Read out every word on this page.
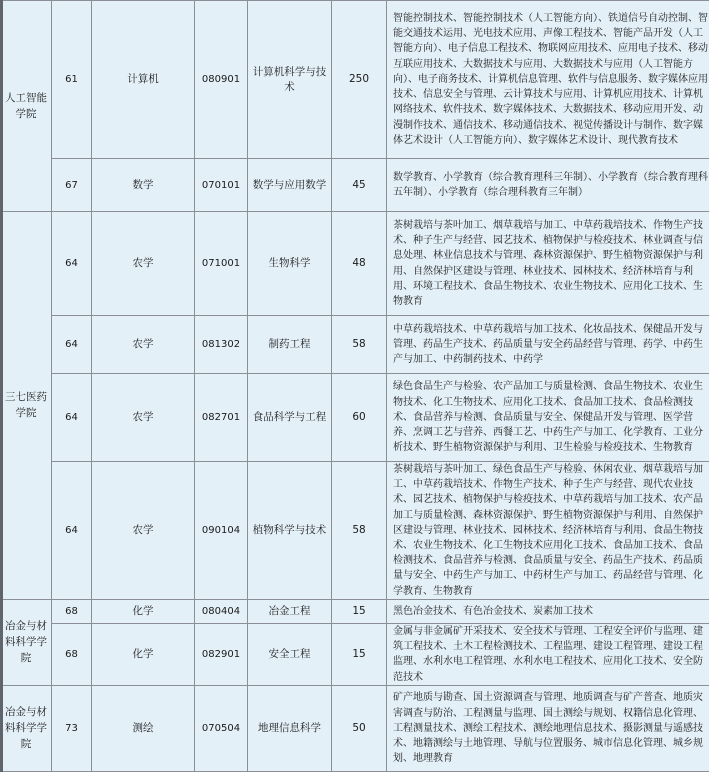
人工智能学院	61	计算机	080901	计算机科学与技术	250	智能控制技术、智能控制技术（人工智能方向）、铁道信号自动控制、智能交通技术运用、光电技术应用、声像工程技术、智能产品开发（人工智能方向）、电子信息工程技术、物联网应用技术、应用电子技术、移动互联应用技术、大数据技术与应用、大数据技术与应用（人工智能方向）、电子商务技术、计算机信息管理、软件与信息服务、数字媒体应用技术、信息安全与管理、云计算技术与应用、计算机应用技术、计算机网络技术、软件技术、数字媒体技术、大数据技术、移动应用开发、动漫制作技术、通信技术、移动通信技术、视觉传播设计与制作、数字媒体艺术设计（人工智能方向）、数字媒体艺术设计、现代教育技术
	67	数学	070101	数学与应用数学	45	数学教育、小学教育（综合教育理科三年制）、小学教育（综合教育理科五年制）、小学教育（综合理科教育三年制）
三七医药学院	64	农学	071001	生物科学	48	茶树栽培与茶叶加工、烟草栽培与加工、中草药栽培技术、作物生产技术、种子生产与经营、园艺技术、植物保护与检疫技术、林业调查与信息处理、林业信息技术与管理、森林资源保护、野生植物资源保护与利用、自然保护区建设与管理、林业技术、园林技术、经济林培育与利用、环境工程技术、食品生物技术、农业生物技术、应用化工技术、生物教育
	64	农学	081302	制药工程	58	中草药栽培技术、中草药栽培与加工技术、化妆品技术、保健品开发与管理、药品生产技术、药品质量与安全药品经营与管理、药学、中药生产与加工、中药制药技术、中药学
	64	农学	082701	食品科学与工程	60	绿色食品生产与检验、农产品加工与质量检测、食品生物技术、农业生物技术、化工生物技术、应用化工技术、食品加工技术、食品检测技术、食品营养与检测、食品质量与安全、保健品开发与管理、医学营养、烹调工艺与营养、西餐工艺、中药生产与加工、化学教育、工业分析技术、野生植物资源保护与利用、卫生检验与检疫技术、生物教育
	64	农学	090104	植物科学与技术	58	茶树栽培与茶叶加工、绿色食品生产与检验、休闲农业、烟草栽培与加工、中草药栽培技术、作物生产技术、种子生产与经营、现代农业技术、园艺技术、植物保护与检疫技术、中草药栽培与加工技术、农产品加工与质量检测、森林资源保护、野生植物资源保护与利用、自然保护区建设与管理、林业技术、园林技术、经济林培育与利用、食品生物技术、农业生物技术、化工生物技术应用化工技术、食品加工技术、食品检测技术、食品营养与检测、食品质量与安全、药品生产技术、药品质量与安全、中药生产与加工、中药材生产与加工、药品经营与管理、化学教育、生物教育
冶金与材料科学学院	68	化学	080404	冶金工程	15	黑色冶金技术、有色冶金技术、炭素加工技术
	68	化学	082901	安全工程	15	金属与非金属矿开采技术、安全技术与管理、工程安全评价与监理、建筑工程技术、土木工程检测技术、工程监理、建设工程管理、建设工程监理、水利水电工程管理、水利水电工程技术、应用化工技术、安全防范技术
冶金与材料科学学院	73	测绘	070504	地理信息科学	50	矿产地质与勘查、国土资源调查与管理、地质调查与矿产普查、地质灾害调查与防治、工程测量与监理、国土测绘与规划、权籍信息化管理、工程测量技术、测绘工程技术、测绘地理信息技术、摄影测量与遥感技术、地籍测绘与土地管理、导航与位置服务、城市信息化管理、城乡规划、地理教育
